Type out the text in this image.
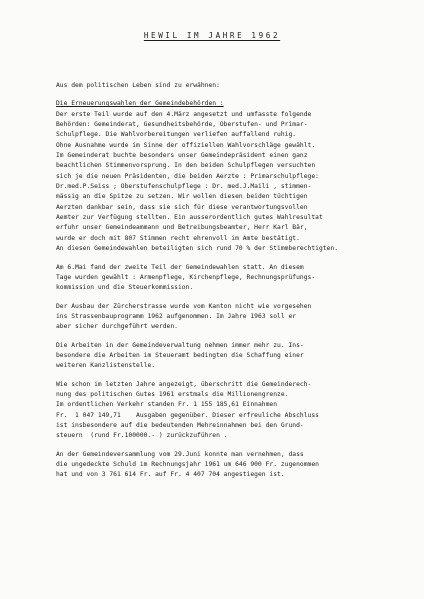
HEWIL IM JAHRE 1962
Aus dem politischen Leben sind zu erwähnen:
Die Erneuerungswahlen der Gemeindebehörden :
Der erste Teil wurde auf den 4.März angesetzt und umfasste folgende
Behörden: Gemeinderat, Gesundheitsbehörde, Oberstufen- und Primar-
Schulpflege. Die Wahlvorbereitungen verliefen auffallend ruhig.
Ohne Ausnahme wurde im Sinne der offiziellen Wahlvorschläge gewählt.
Im Gemeinderat buchte besonders unser Gemeindepräsident einen ganz
beachtlichen Stimmenvorsprung. In den beiden Schulpflegen versuchten
sich je die neuen Präsidenten, die beiden Aerzte : Primarschulpflege:
Dr.med.P.Seiss ; Oberstufenschulpflege : Dr. med.J.Maili , stimmen-
mässig an die Spitze zu setzen. Wir wollen diesen beiden tüchtigen
Aerzten dankbar sein, dass sie sich für diese verantwortungsvollen
Aemter zur Verfügung stellten. Ein ausserordentlich gutes Wahlresultat
erfuhr unser Gemeindeammann und Betreibungsbeamter, Herr Karl Bär,
wurde er doch mit 807 Stimmen recht ehrenvoll im Amte bestätigt.
An diesen Gemeindewahlen beteiligten sich rund 70 % der Stimmberechtigten.
Am 6.Mai fand der zweite Teil der Gemeindewahlen statt. An diesem
Tage wurden gewählt : Armenpflege, Kirchenpflege, Rechnungsprüfungs-
kommission und die Steuerkommission.
Der Ausbau der Zürcherstrasse wurde vom Kanton nicht wie vorgesehen
ins Strassenbauprogramm 1962 aufgenommen. Im Jahre 1963 soll er
aber sicher durchgeführt werden.
Die Arbeiten in der Gemeindeverwaltung nehmen immer mehr zu. Ins-
besondere die Arbeiten im Steueramt bedingten die Schaffung einer
weiteren Kanzlistenstelle.
Wie schon im letzten Jahre angezeigt, überschritt die Gemeinderech-
nung des politischen Gutes 1961 erstmals die Millionengrenze.
Im ordentlichen Verkehr standen Fr. 1 155 185,61 Einnahmen
Fr.  1 047 149,71    Ausgaben gegenüber. Dieser erfreuliche Abschluss
ist insbesondere auf die bedeutenden Mehreinnahmen bei den Grund-
steuern  (rund Fr.100000.- ) zurückzuführen .
An der Gemeindeversammlung vom 29.Juni konnte man vernehmen, dass
die ungedeckte Schuld im Rechnungsjahr 1961 um 646 900 Fr. zugenommen
hat und von 3 761 614 Fr. auf Fr. 4 407 704 angestiegen ist.
